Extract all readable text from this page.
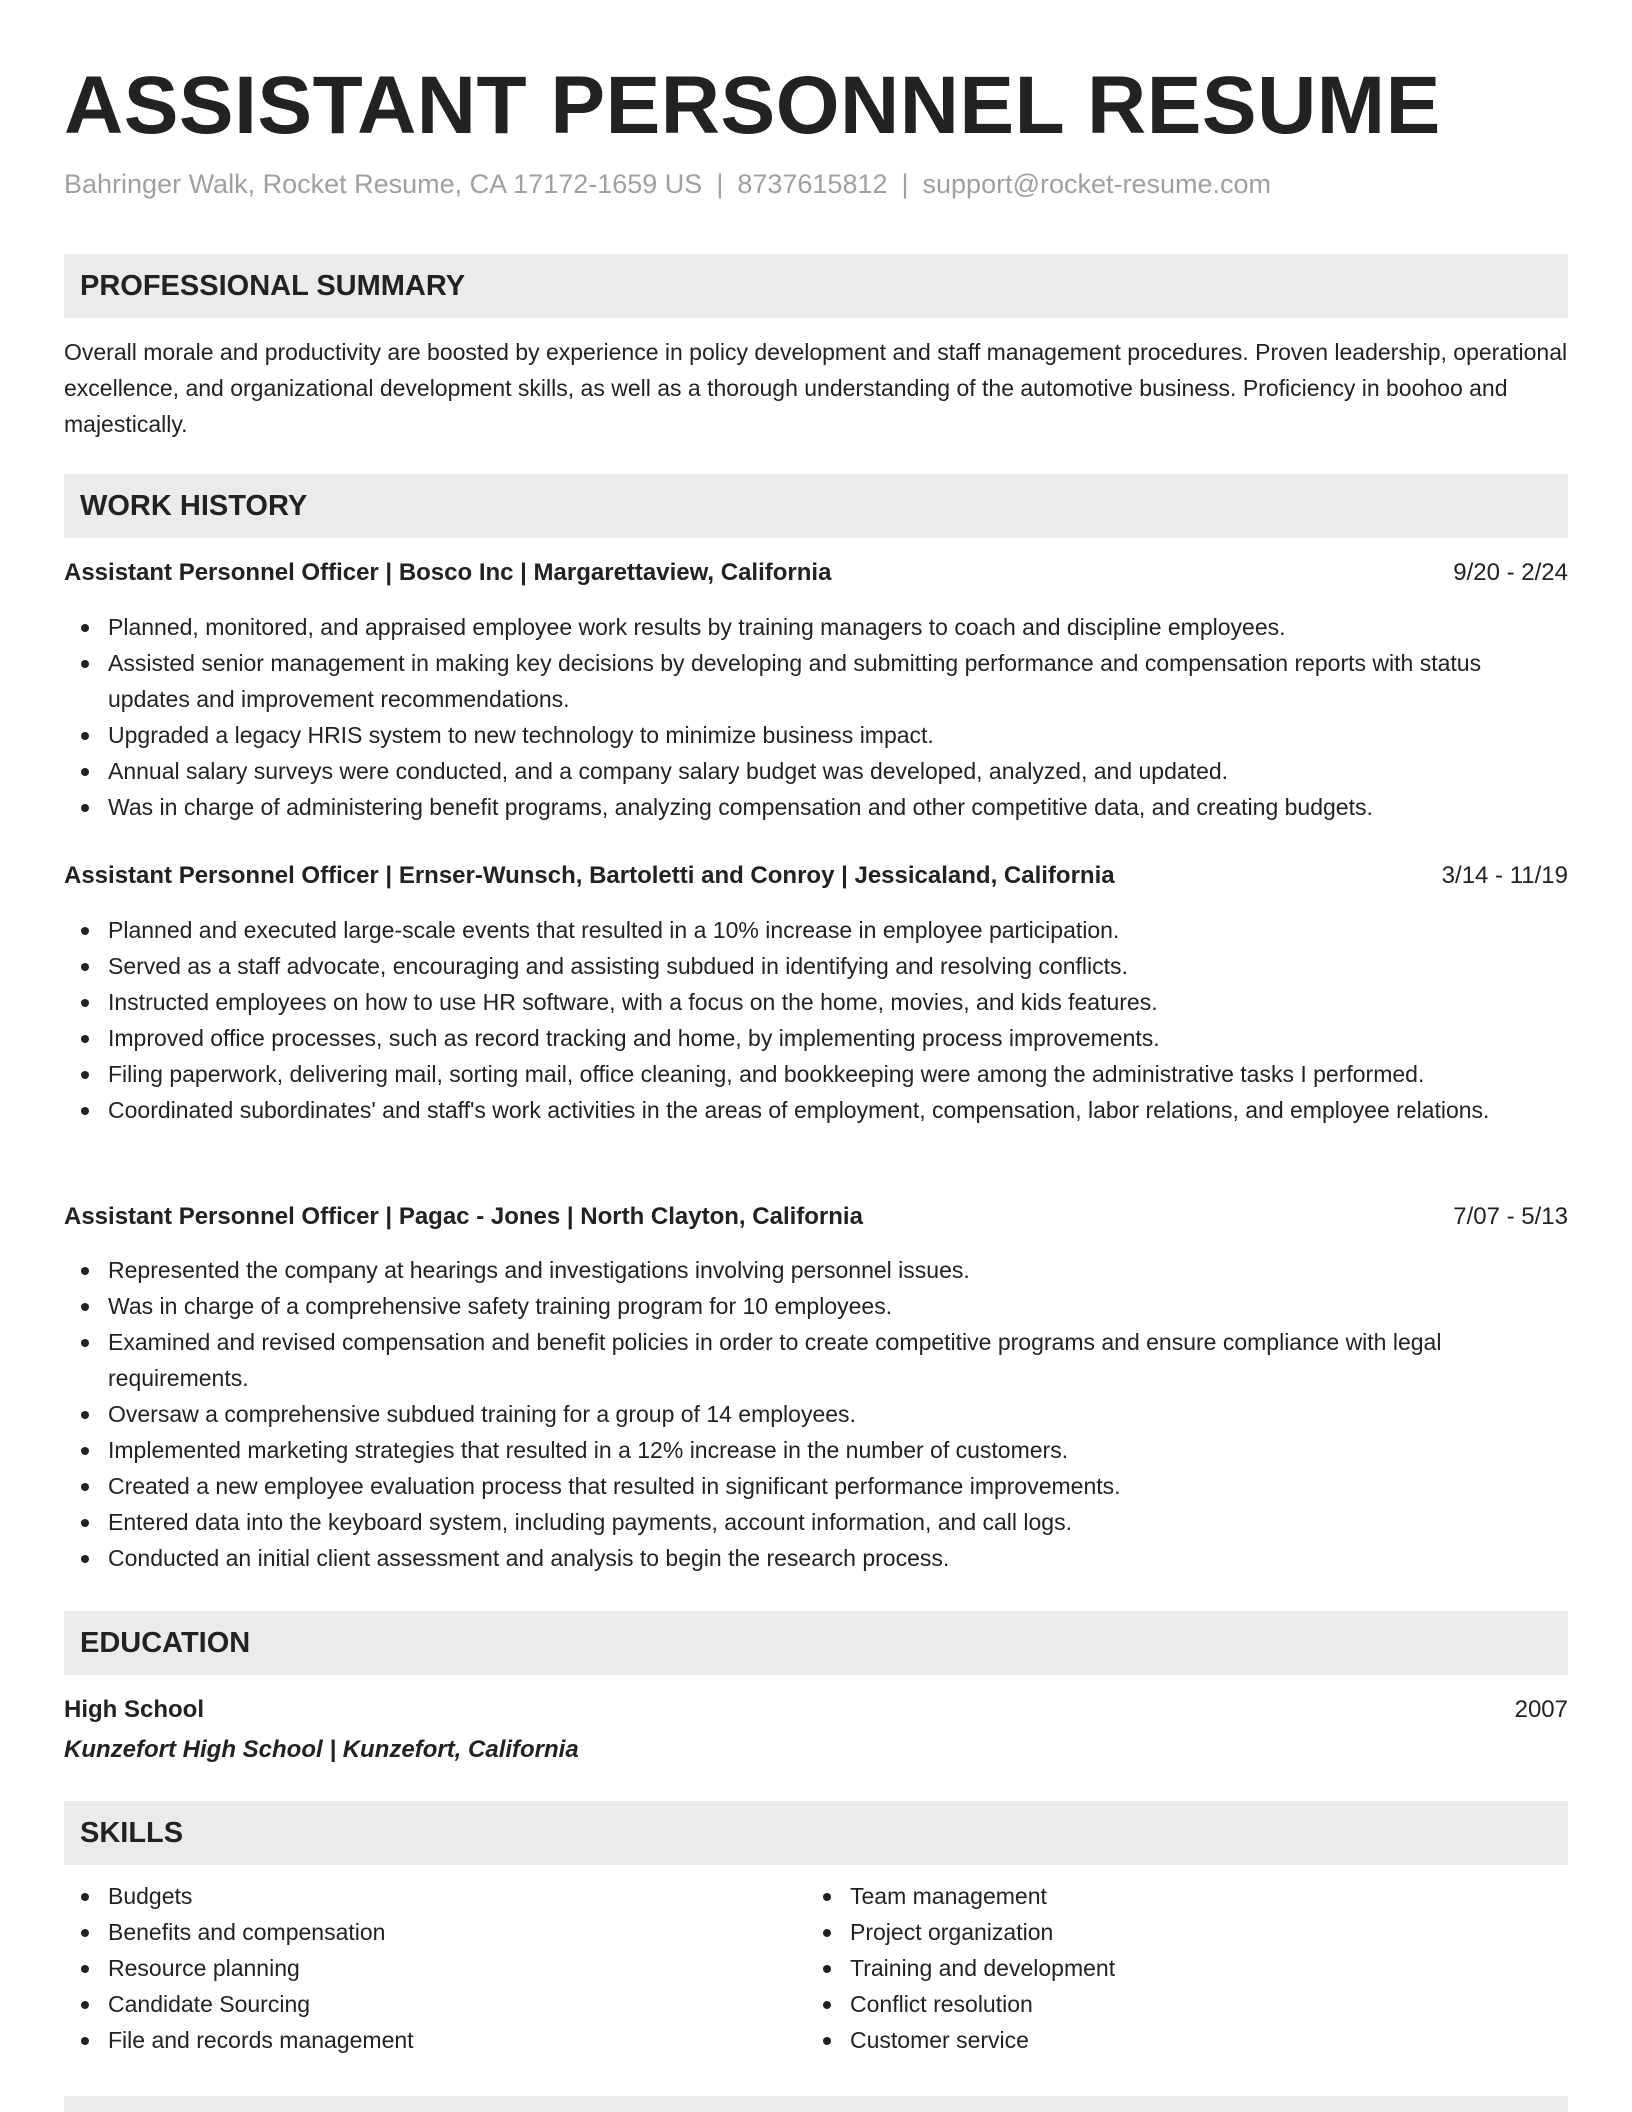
ASSISTANT PERSONNEL RESUME
Bahringer Walk, Rocket Resume, CA 17172-1659 US | 8737615812 | support@rocket-resume.com
PROFESSIONAL SUMMARY

Overall morale and productivity are boosted by experience in policy development and staff management procedures. Proven leadership, operational excellence, and organizational development skills, as well as a thorough understanding of the automotive business. Proficiency in boohoo and majestically.

WORK HISTORY
Assistant Personnel Officer | Bosco Inc | Margarettaview, California	9/20 - 2/24
Planned, monitored, and appraised employee work results by training managers to coach and discipline employees.
Assisted senior management in making key decisions by developing and submitting performance and compensation reports with status updates and improvement recommendations.
Upgraded a legacy HRIS system to new technology to minimize business impact.
Annual salary surveys were conducted, and a company salary budget was developed, analyzed, and updated.
Was in charge of administering benefit programs, analyzing compensation and other competitive data, and creating budgets.
Assistant Personnel Officer | Ernser-Wunsch, Bartoletti and Conroy | Jessicaland, California	3/14 - 11/19
Planned and executed large-scale events that resulted in a 10% increase in employee participation.
Served as a staff advocate, encouraging and assisting subdued in identifying and resolving conflicts.
Instructed employees on how to use HR software, with a focus on the home, movies, and kids features.
Improved office processes, such as record tracking and home, by implementing process improvements.
Filing paperwork, delivering mail, sorting mail, office cleaning, and bookkeeping were among the administrative tasks I performed.
Coordinated subordinates' and staff's work activities in the areas of employment, compensation, labor relations, and employee relations.
Assistant Personnel Officer | Pagac - Jones | North Clayton, California	7/07 - 5/13
Represented the company at hearings and investigations involving personnel issues.
Was in charge of a comprehensive safety training program for 10 employees.
Examined and revised compensation and benefit policies in order to create competitive programs and ensure compliance with legal requirements.
Oversaw a comprehensive subdued training for a group of 14 employees.
Implemented marketing strategies that resulted in a 12% increase in the number of customers.
Created a new employee evaluation process that resulted in significant performance improvements.
Entered data into the keyboard system, including payments, account information, and call logs.
Conducted an initial client assessment and analysis to begin the research process.
EDUCATION
High School	2007
Kunzefort High School | Kunzefort, California
SKILLS
Budgets
Benefits and compensation
Resource planning
Candidate Sourcing
File and records management
Team management
Project organization
Training and development
Conflict resolution
Customer service
